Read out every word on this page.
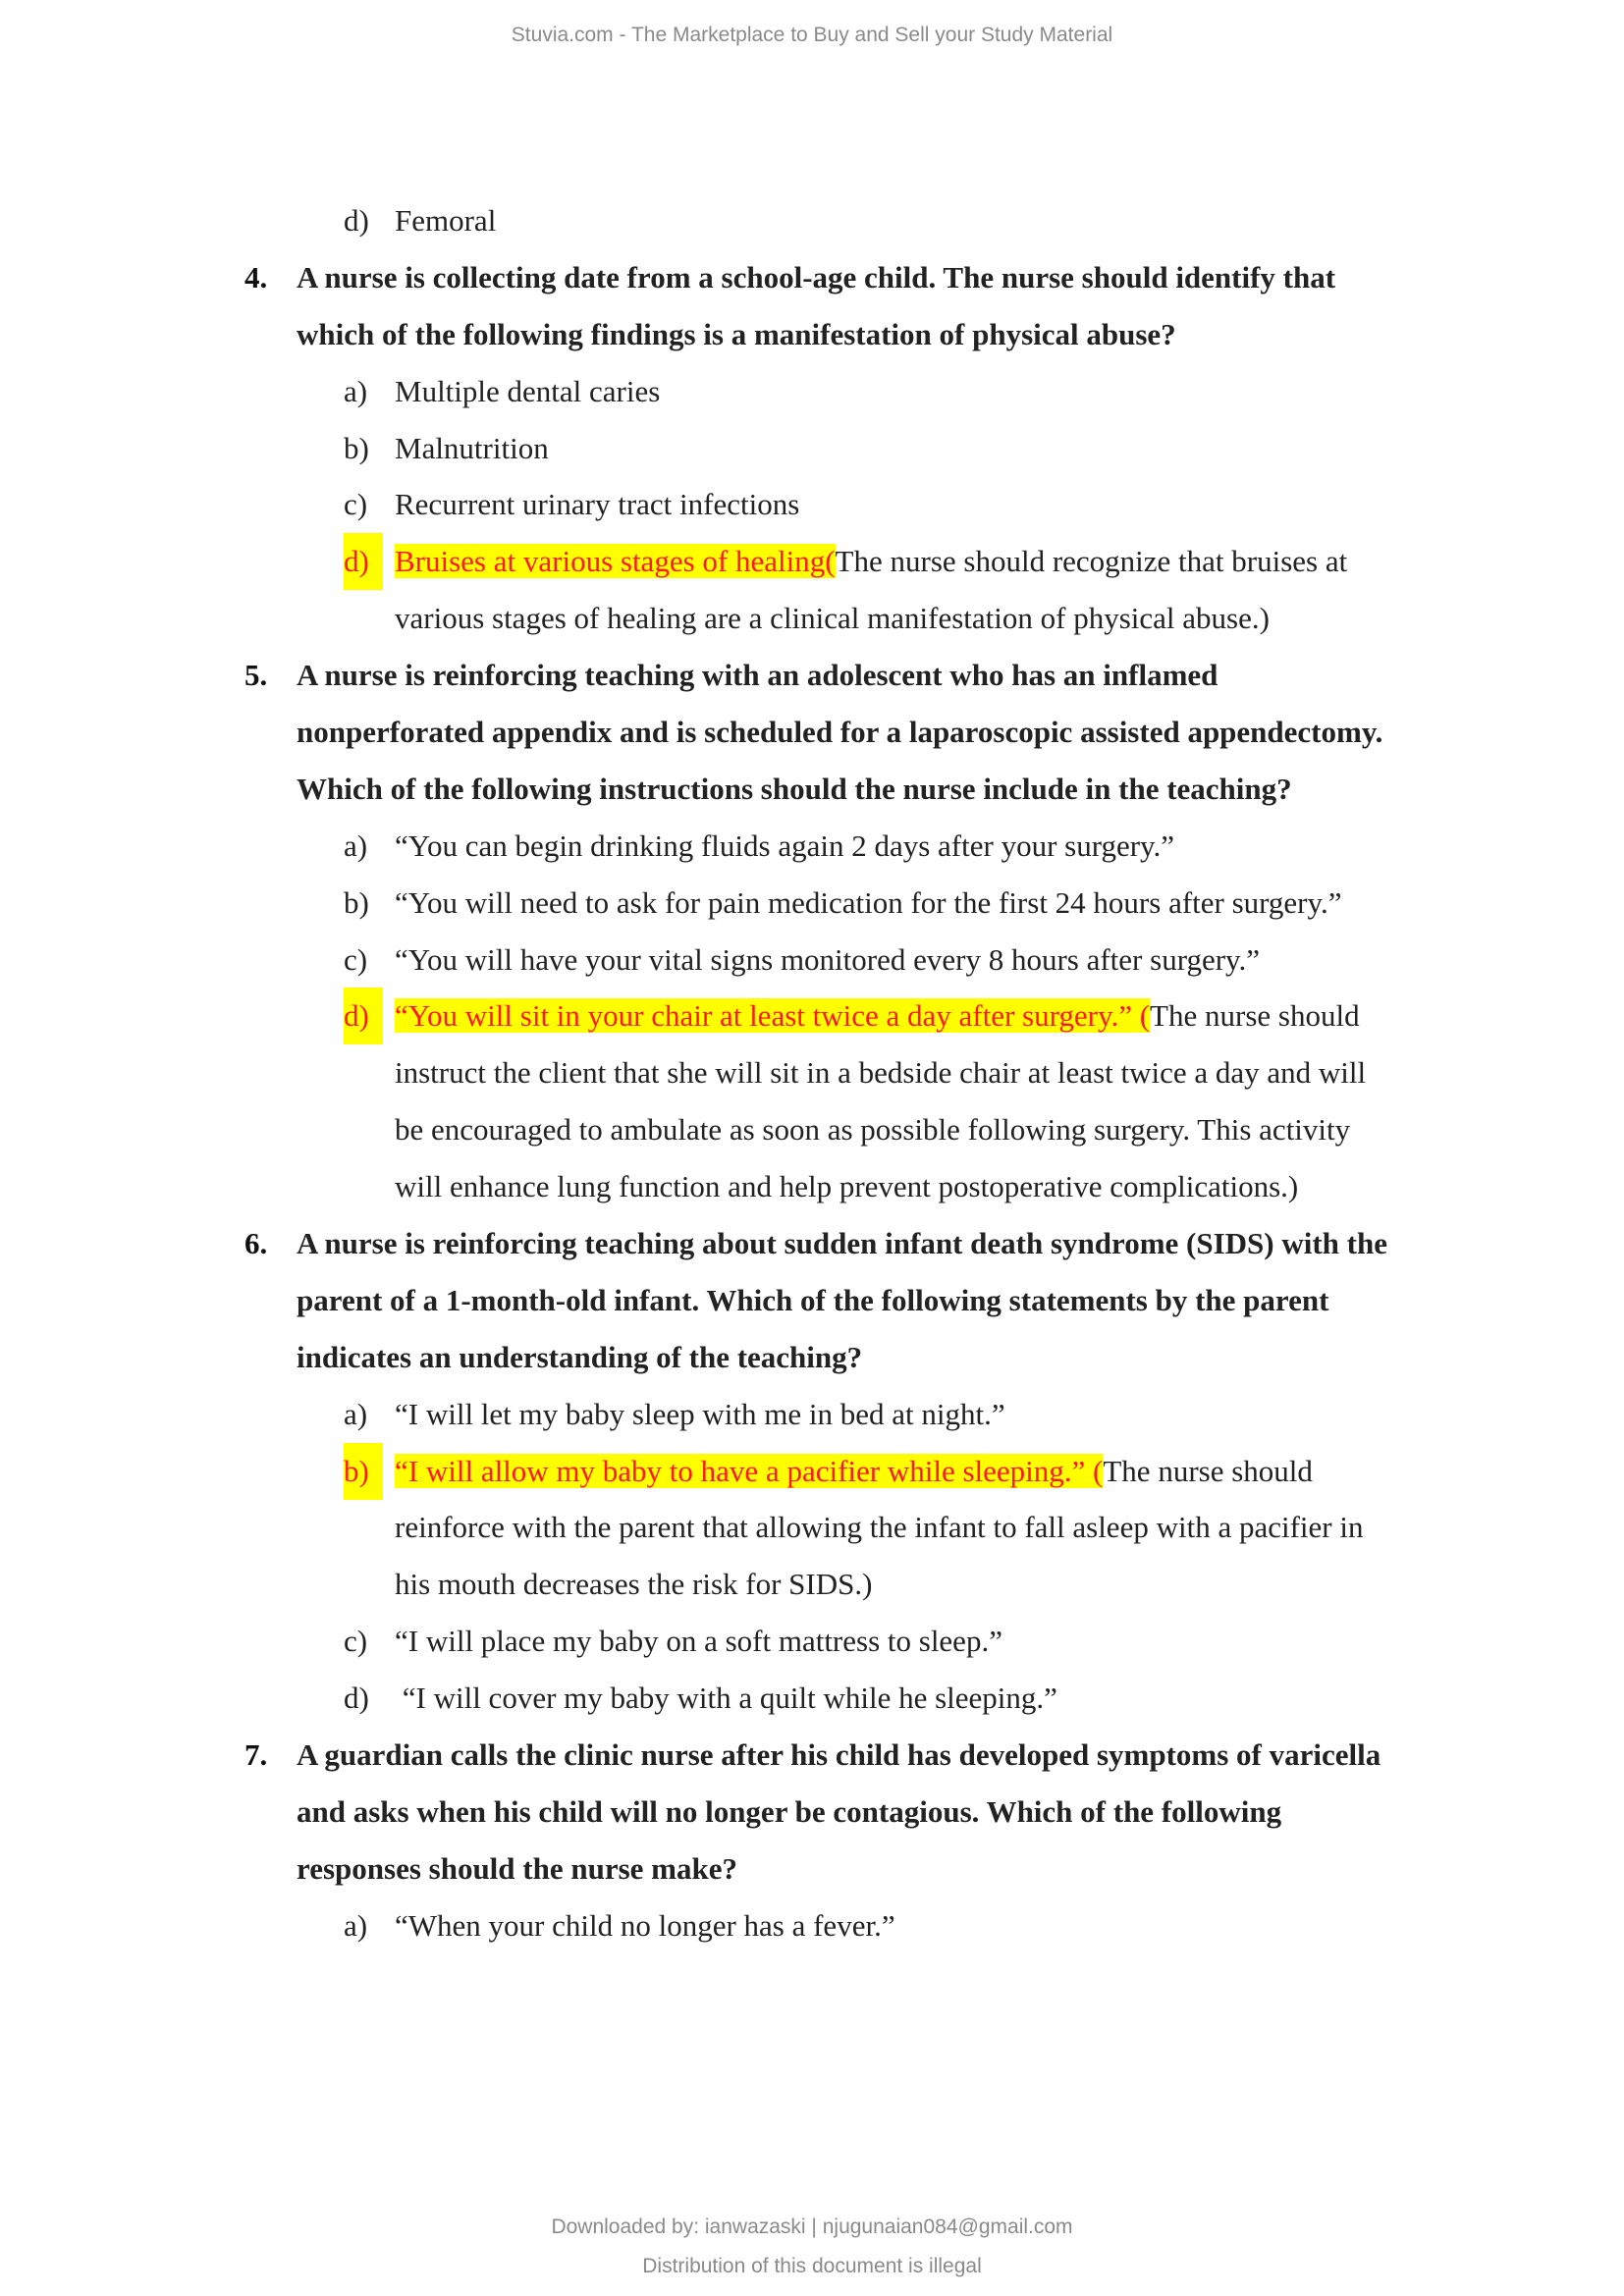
Stuvia.com - The Marketplace to Buy and Sell your Study Material
d) Femoral
4. A nurse is collecting date from a school-age child. The nurse should identify that
which of the following findings is a manifestation of physical abuse?
a) Multiple dental caries
b) Malnutrition
c) Recurrent urinary tract infections
d) Bruises at various stages of healing(The nurse should recognize that bruises at
various stages of healing are a clinical manifestation of physical abuse.)
5. A nurse is reinforcing teaching with an adolescent who has an inflamed
nonperforated appendix and is scheduled for a laparoscopic assisted appendectomy.
Which of the following instructions should the nurse include in the teaching?
a) “You can begin drinking fluids again 2 days after your surgery.”
b) “You will need to ask for pain medication for the first 24 hours after surgery.”
c) “You will have your vital signs monitored every 8 hours after surgery.”
d) “You will sit in your chair at least twice a day after surgery.” (The nurse should
instruct the client that she will sit in a bedside chair at least twice a day and will
be encouraged to ambulate as soon as possible following surgery. This activity
will enhance lung function and help prevent postoperative complications.)
6. A nurse is reinforcing teaching about sudden infant death syndrome (SIDS) with the
parent of a 1-month-old infant. Which of the following statements by the parent
indicates an understanding of the teaching?
a) “I will let my baby sleep with me in bed at night.”
b) “I will allow my baby to have a pacifier while sleeping.” (The nurse should
reinforce with the parent that allowing the infant to fall asleep with a pacifier in
his mouth decreases the risk for SIDS.)
c) “I will place my baby on a soft mattress to sleep.”
d) “I will cover my baby with a quilt while he sleeping.”
7. A guardian calls the clinic nurse after his child has developed symptoms of varicella
and asks when his child will no longer be contagious. Which of the following
responses should the nurse make?
a) “When your child no longer has a fever.”
Downloaded by: ianwazaski | njugunaian084@gmail.com
Distribution of this document is illegal
